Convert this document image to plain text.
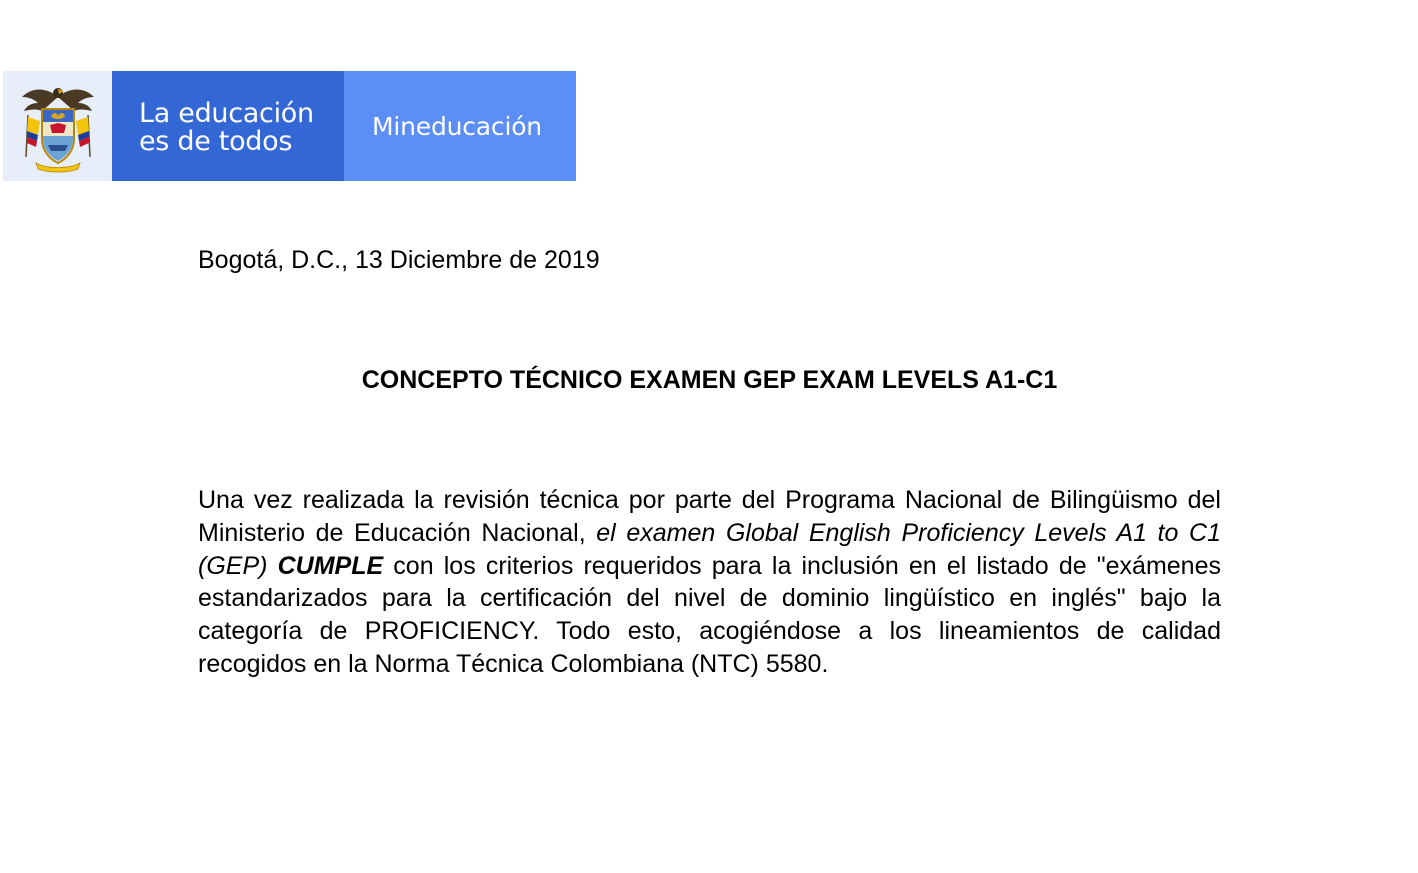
La educación
es de todos	Mineducación
Bogotá, D.C., 13 Diciembre de 2019
CONCEPTO TÉCNICO EXAMEN GEP EXAM LEVELS A1-C1

Una vez realizada la revisión técnica por parte del Programa Nacional de Bilingüismo del Ministerio de Educación Nacional, el examen Global English Proficiency Levels A1 to C1 (GEP) CUMPLE con los criterios requeridos para la inclusión en el listado de "exámenes estandarizados para la certificación del nivel de dominio lingüístico en inglés" bajo la categoría de PROFICIENCY. Todo esto, acogiéndose a los lineamientos de calidad recogidos en la Norma Técnica Colombiana (NTC) 5580.
